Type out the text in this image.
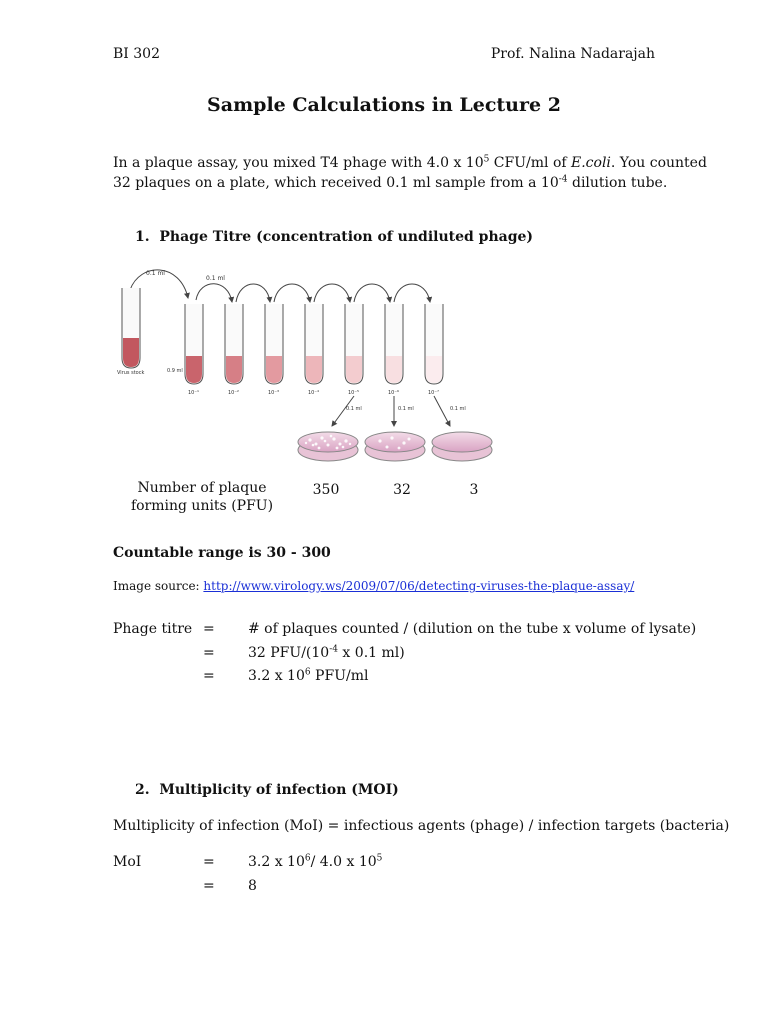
BI 302	Prof. Nalina Nadarajah
Sample Calculations in Lecture 2
In a plaque assay, you mixed T4 phage with 4.0 x $10^5$ CFU/ml of E.coli. You counted
32 plaques on a plate, which received 0.1 ml sample from a $10^{-4}$ dilution tube.
1. Phage Titre (concentration of undiluted phage)
0.1 ml
0.1 ml
Virus stock	0.9 ml
10⁻¹	10⁻²	10⁻³	10⁻⁴	10⁻⁵	10⁻⁶	10⁻⁷
0.1 ml	0.1 ml	0.1 ml
Number of plaque
forming units (PFU)
350	32	3
Countable range is 30 - 300
Image source: http://www.virology.ws/2009/07/06/detecting-viruses-the-plaque-assay/
Phage titre = # of plaques counted / (dilution on the tube x volume of lysate)
= 32 PFU/($10^{-4}$ x 0.1 ml)
= 3.2 x $10^6$ PFU/ml
2. Multiplicity of infection (MOI)
Multiplicity of infection (MoI) = infectious agents (phage) / infection targets (bacteria)
MoI	= 3.2 x $10^6/$ 4.0 x $10^5$
= 8
